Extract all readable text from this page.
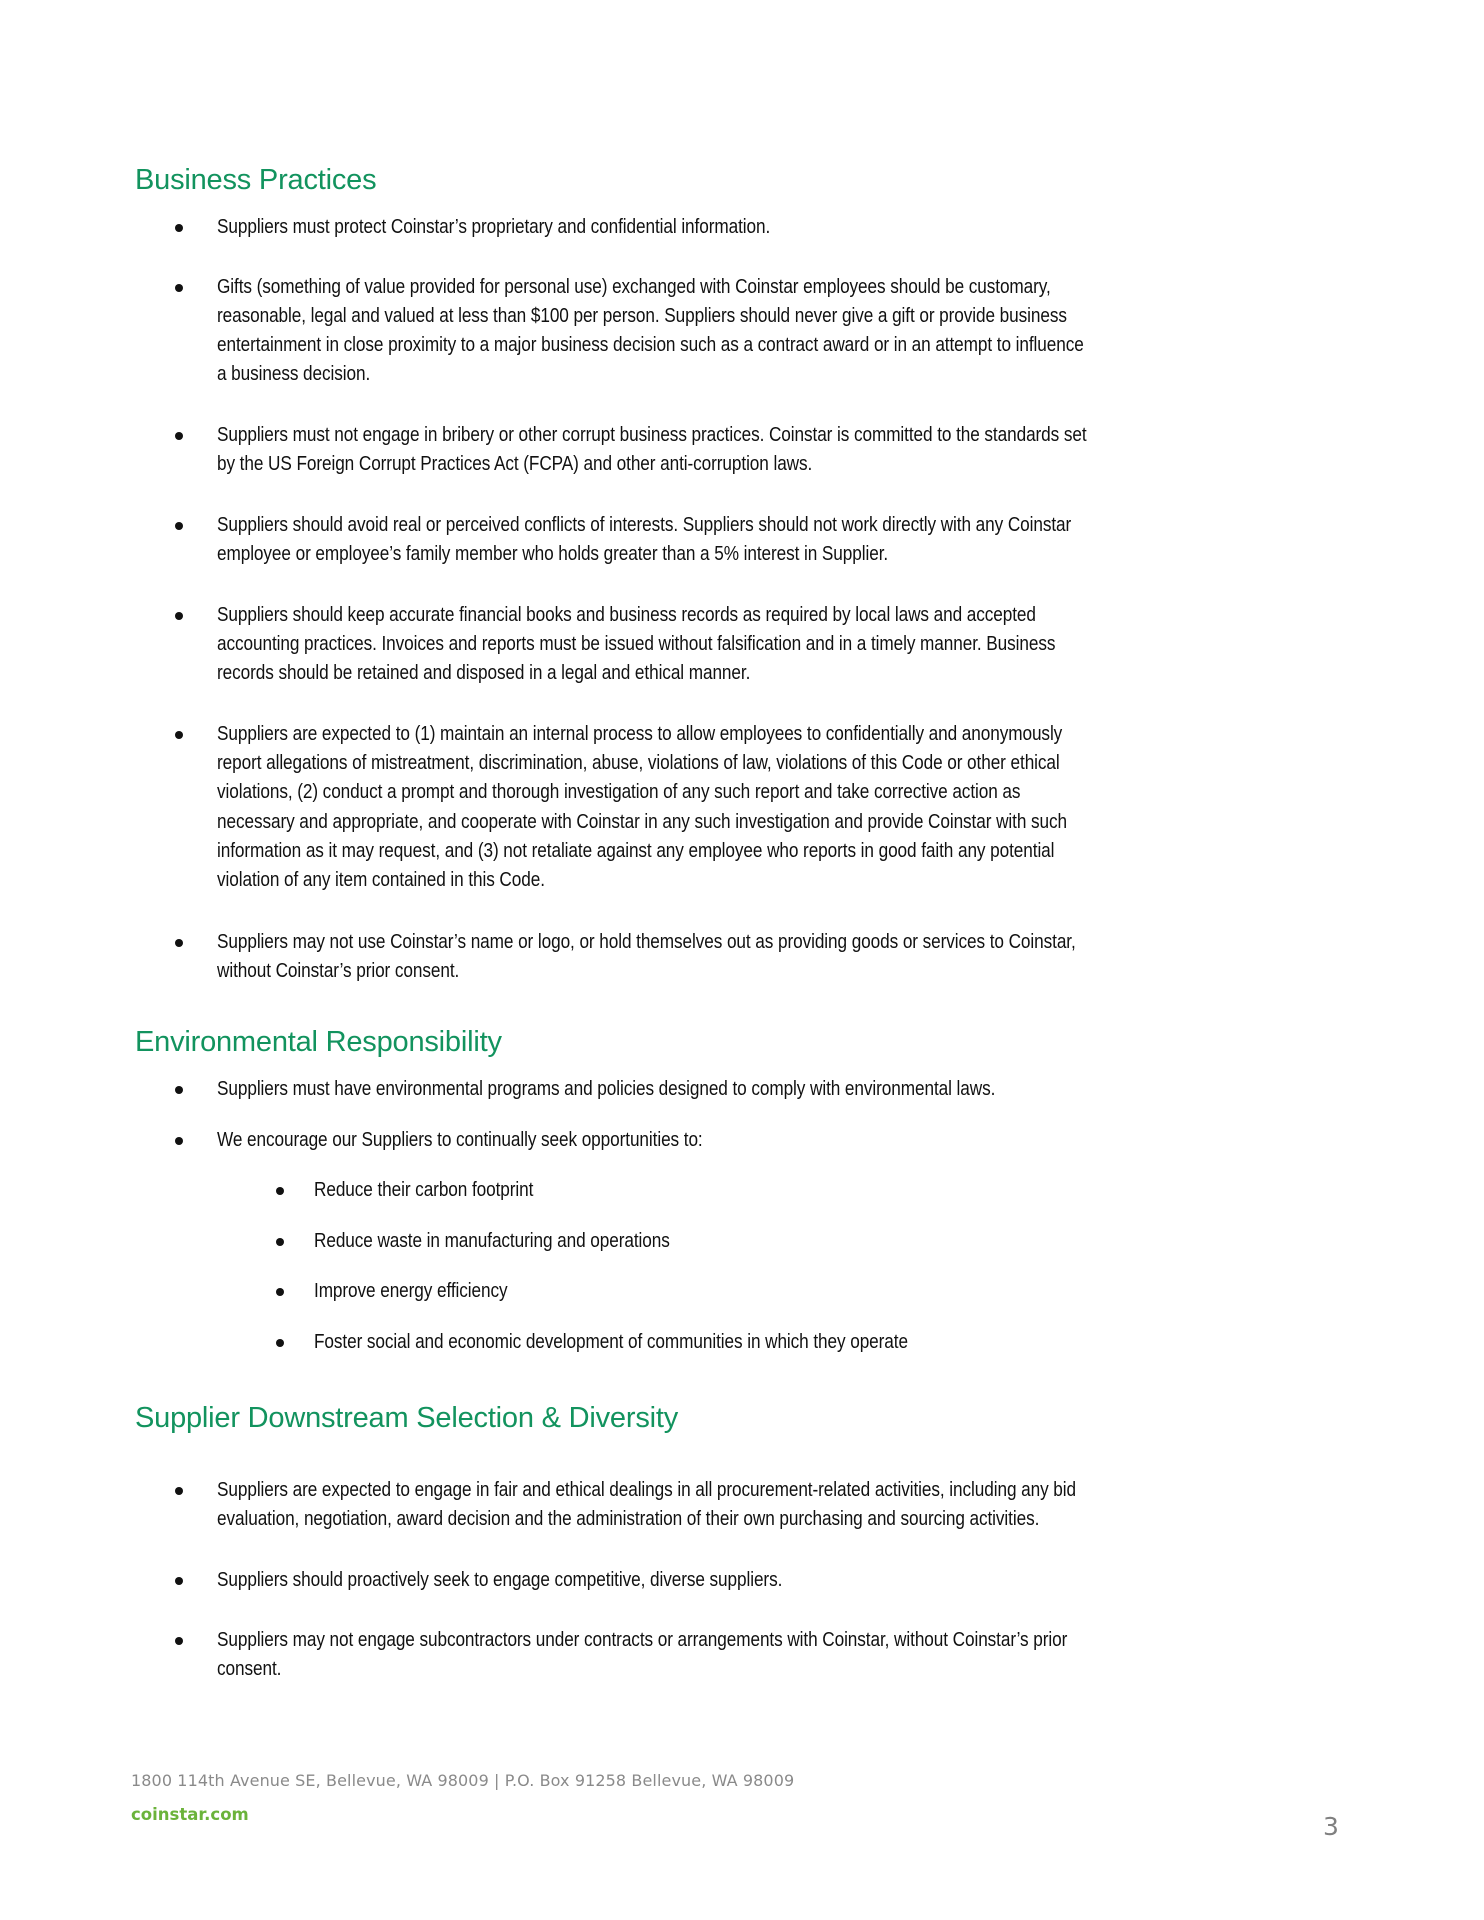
Business Practices
Suppliers must protect Coinstar’s proprietary and confidential information.
Gifts (something of value provided for personal use) exchanged with Coinstar employees should be customary,
reasonable, legal and valued at less than $100 per person. Suppliers should never give a gift or provide business
entertainment in close proximity to a major business decision such as a contract award or in an attempt to influence
a business decision.
Suppliers must not engage in bribery or other corrupt business practices. Coinstar is committed to the standards set
by the US Foreign Corrupt Practices Act (FCPA) and other anti-corruption laws.
Suppliers should avoid real or perceived conflicts of interests. Suppliers should not work directly with any Coinstar
employee or employee’s family member who holds greater than a 5% interest in Supplier.
Suppliers should keep accurate financial books and business records as required by local laws and accepted
accounting practices. Invoices and reports must be issued without falsification and in a timely manner. Business
records should be retained and disposed in a legal and ethical manner.
Suppliers are expected to (1) maintain an internal process to allow employees to confidentially and anonymously
report allegations of mistreatment, discrimination, abuse, violations of law, violations of this Code or other ethical
violations, (2) conduct a prompt and thorough investigation of any such report and take corrective action as
necessary and appropriate, and cooperate with Coinstar in any such investigation and provide Coinstar with such
information as it may request, and (3) not retaliate against any employee who reports in good faith any potential
violation of any item contained in this Code.
Suppliers may not use Coinstar’s name or logo, or hold themselves out as providing goods or services to Coinstar,
without Coinstar’s prior consent.
Environmental Responsibility
Suppliers must have environmental programs and policies designed to comply with environmental laws.
We encourage our Suppliers to continually seek opportunities to:
Reduce their carbon footprint
Reduce waste in manufacturing and operations
Improve energy efficiency
Foster social and economic development of communities in which they operate
Supplier Downstream Selection & Diversity
Suppliers are expected to engage in fair and ethical dealings in all procurement-related activities, including any bid
evaluation, negotiation, award decision and the administration of their own purchasing and sourcing activities.
Suppliers should proactively seek to engage competitive, diverse suppliers.
Suppliers may not engage subcontractors under contracts or arrangements with Coinstar, without Coinstar’s prior
consent.
1800 114th Avenue SE, Bellevue, WA 98009 | P.O. Box 91258 Bellevue, WA 98009
coinstar.com	3
